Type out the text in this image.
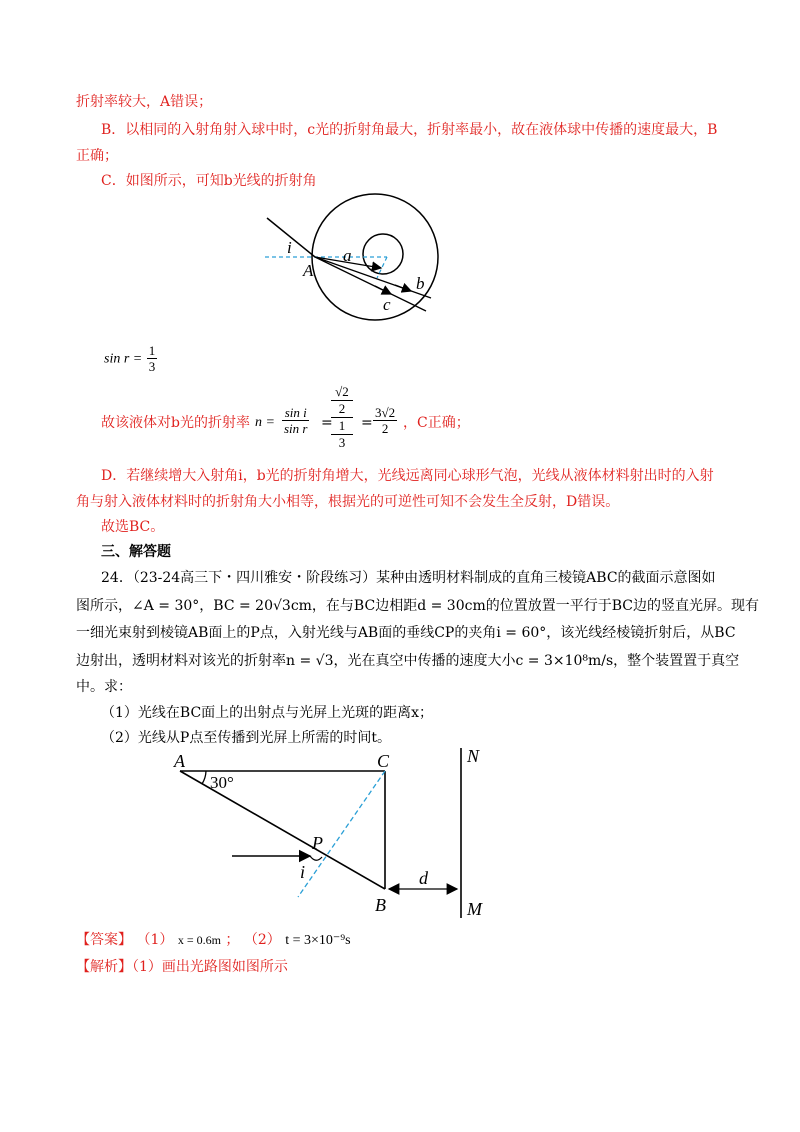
折射率较大，A错误；
B．以相同的入射角射入球中时，c光的折射角最大，折射率最小，故在液体球中传播的速度最大，B
正确；
C．如图所示，可知b光线的折射角
i	a
A
b
c
$\sin r = \frac{1}{3}$
故该液体对b光的折射率 $n = \frac{\text{sin i}}{\text{sin r}}$ =
√2
2
1
3
= $\frac{3√2}{2}$ ，C正确；
D．若继续增大入射角i，b光的折射角增大，光线远离同心球形气泡，光线从液体材料射出时的入射
角与射入液体材料时的折射角大小相等，根据光的可逆性可知不会发生全反射，D错误。
故选BC。
三、解答题
24．（23-24高三下・四川雅安・阶段练习）某种由透明材料制成的直角三棱镜ABC的截面示意图如
图所示，∠A = 30°，BC = 20√3cm，在与BC边相距d = 30cm的位置放置一平行于BC边的竖直光屏。现有
一细光束射到棱镜AB面上的P点，入射光线与AB面的垂线CP的夹角i = 60°，该光线经棱镜折射后，从BC
边射出，透明材料对该光的折射率n = √3，光在真空中传播的速度大小c = 3×10⁸m/s，整个装置置于真空
中。求：
（1）光线在BC面上的出射点与光屏上光斑的距离x；
（2）光线从P点至传播到光屏上所需的时间t。
A
30°
C	N
P
i	d
B	M
【答案】 （1） x = 0.6m ； （2） t = 3×10⁻⁹s
【解析】（1）画出光路图如图所示
